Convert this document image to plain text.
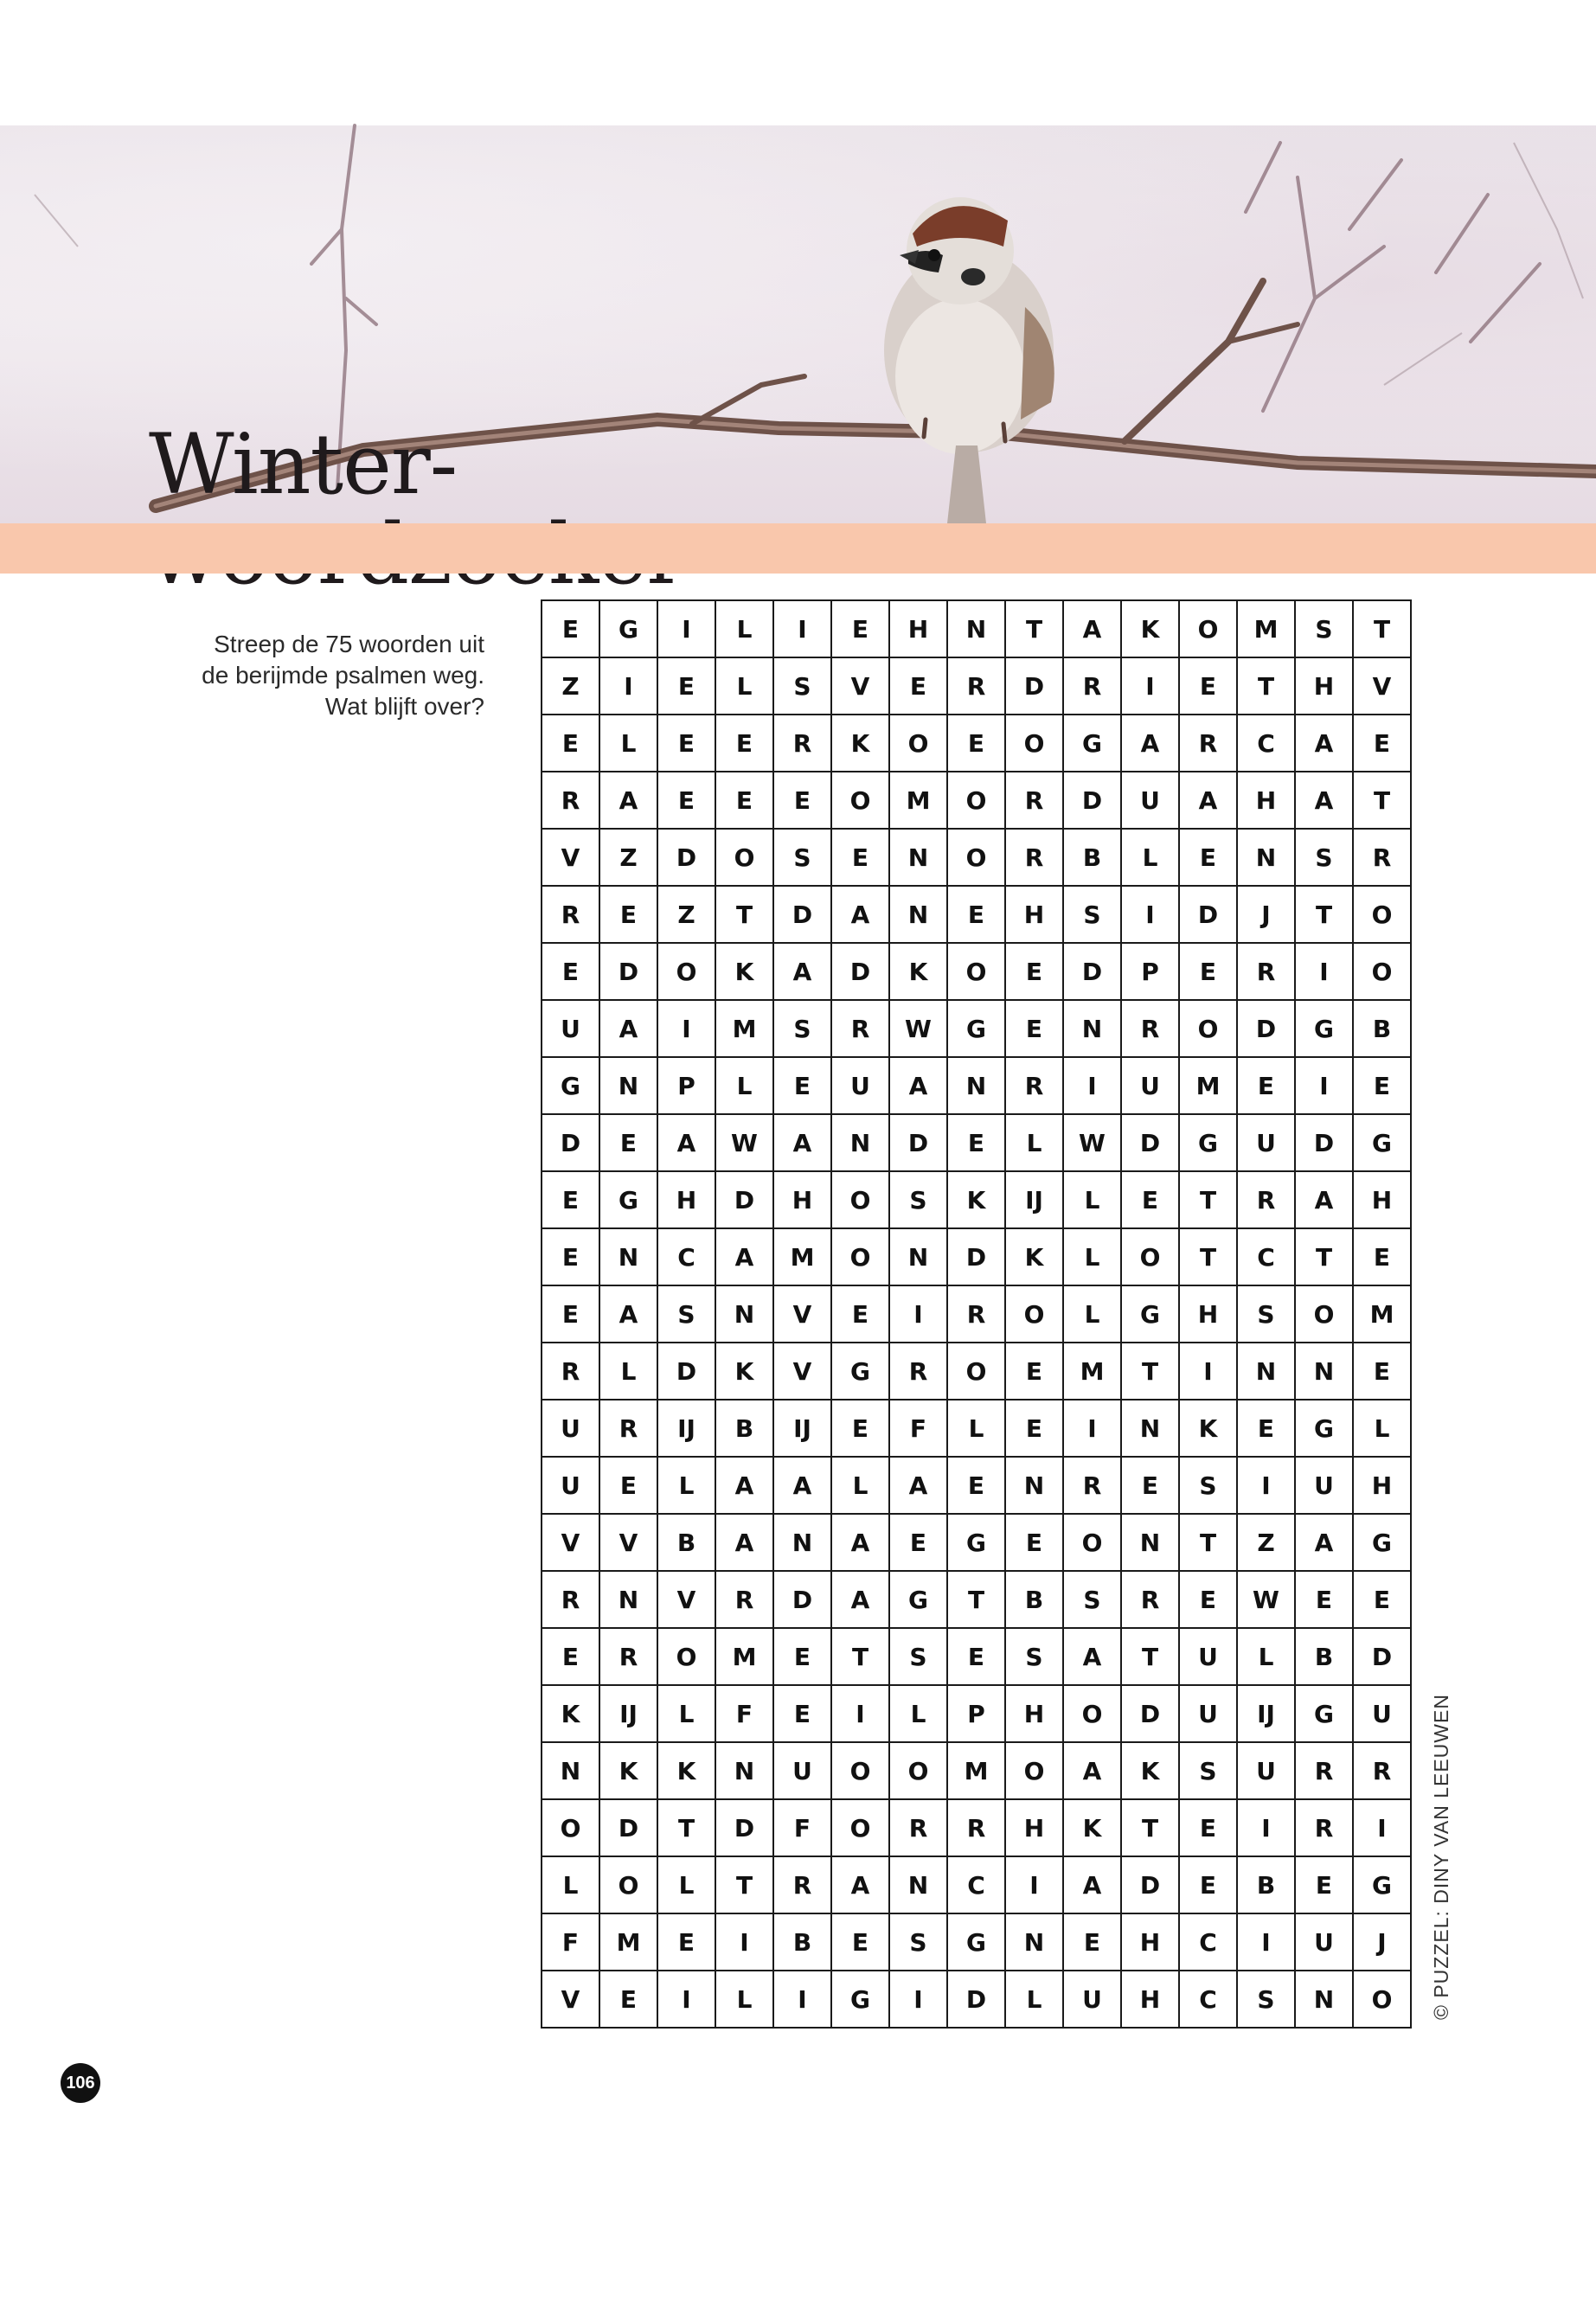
Winter-

Streep de 75 woorden uit

de berijmde psalmen weg.

Wat blijft over?

E	G	I	L	I	E	H	N	T	A	K	O	M	S	T
Z	I	E	L	S	V	E	R	D	R	I	E	T	H	V
E	L	E	E	R	K	O	E	O	G	A	R	C	A	E
R	A	E	E	E	O	M	O	R	D	U	A	H	A	T
V	Z	D	O	S	E	N	O	R	B	L	E	N	S	R
R	E	Z	T	D	A	N	E	H	S	I	D	J	T	O
E	D	O	K	A	D	K	O	E	D	P	E	R	I	O
U	A	I	M	S	R	W	G	E	N	R	O	D	G	B
G	N	P	L	E	U	A	N	R	I	U	M	E	I	E
D	E	A	W	A	N	D	E	L	W	D	G	U	D	G
E	G	H	D	H	O	S	K	IJ	L	E	T	R	A	H
E	N	C	A	M	O	N	D	K	L	O	T	C	T	E
E	A	S	N	V	E	I	R	O	L	G	H	S	O	M
R	L	D	K	V	G	R	O	E	M	T	I	N	N	E
U	R	IJ	B	IJ	E	F	L	E	I	N	K	E	G	L
U	E	L	A	A	L	A	E	N	R	E	S	I	U	H
V	V	B	A	N	A	E	G	E	O	N	T	Z	A	G
R	N	V	R	D	A	G	T	B	S	R	E	W	E	E
E	R	O	M	E	T	S	E	S	A	T	U	L	B	D
K	IJ	L	F	E	I	L	P	H	O	D	U	IJ	G	U
N	K	K	N	U	O	O	M	O	A	K	S	U	R	R
O	D	T	D	F	O	R	R	H	K	T	E	I	R	I
L	O	L	T	R	A	N	C	I	A	D	E	B	E	G
F	M	E	I	B	E	S	G	N	E	H	C	I	U	J
V	E	I	L	I	G	I	D	L	U	H	C	S	N	O © PUZZEL: DINY VAN LEEUWEN
106
